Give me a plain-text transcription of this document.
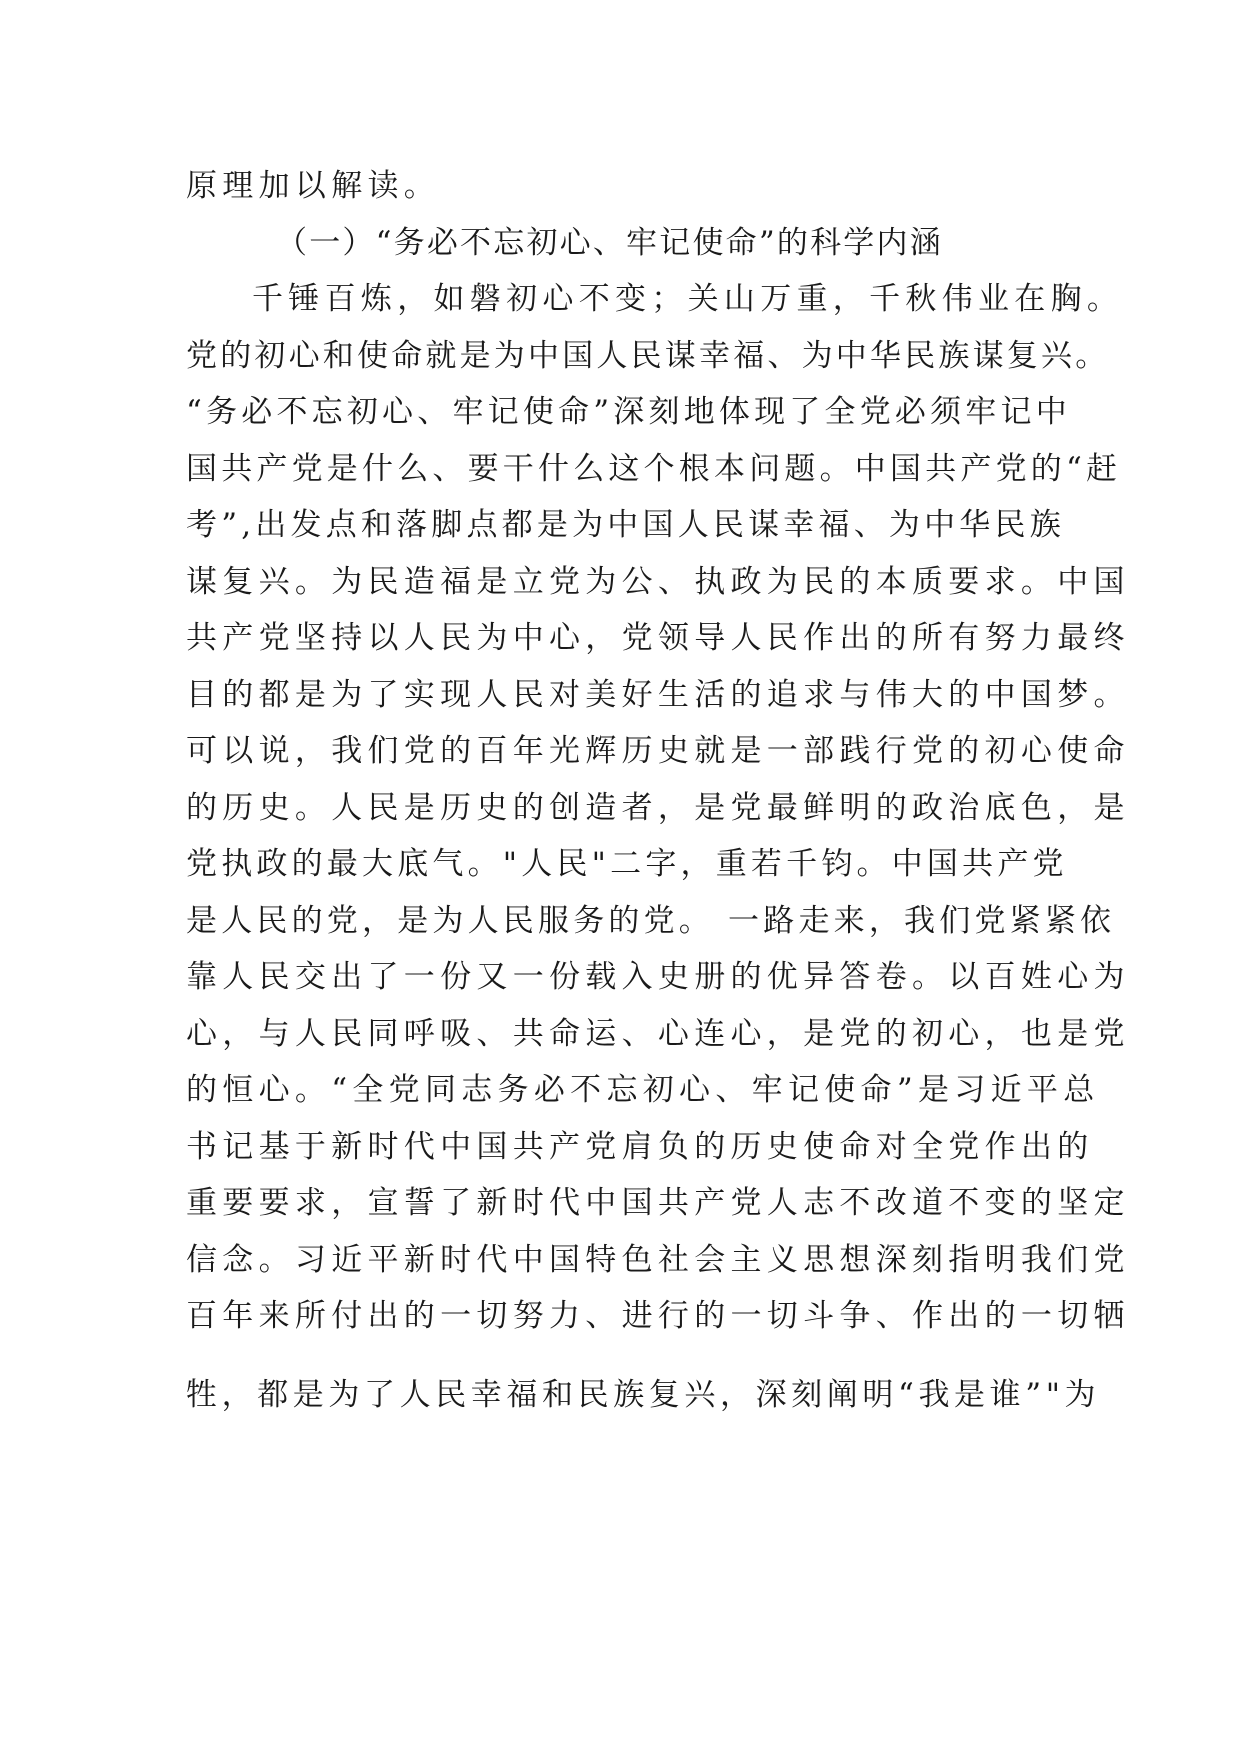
原理加以解读。
（一）“务必不忘初心、牢记使命”的科学内涵
千锤百炼，如磐初心不变；关山万重，千秋伟业在胸。
党的初心和使命就是为中国人民谋幸福、为中华民族谋复兴。
“务必不忘初心、牢记使命”深刻地体现了全党必须牢记中
国共产党是什么、要干什么这个根本问题。中国共产党的“赶
考”,出发点和落脚点都是为中国人民谋幸福、为中华民族
谋复兴。为民造福是立党为公、执政为民的本质要求。中国
共产党坚持以人民为中心，党领导人民作出的所有努力最终
目的都是为了实现人民对美好生活的追求与伟大的中国梦。
可以说，我们党的百年光辉历史就是一部践行党的初心使命
的历史。人民是历史的创造者，是党最鲜明的政治底色，是
党执政的最大底气。"人民"二字，重若千钧。中国共产党
是人民的党，是为人民服务的党。 一路走来，我们党紧紧依
靠人民交出了一份又一份载入史册的优异答卷。以百姓心为
心，与人民同呼吸、共命运、心连心，是党的初心，也是党
的恒心。“全党同志务必不忘初心、牢记使命”是习近平总
书记基于新时代中国共产党肩负的历史使命对全党作出的
重要要求，宣誓了新时代中国共产党人志不改道不变的坚定
信念。习近平新时代中国特色社会主义思想深刻指明我们党
百年来所付出的一切努力、进行的一切斗争、作出的一切牺
牲，都是为了人民幸福和民族复兴，深刻阐明“我是谁”"为
